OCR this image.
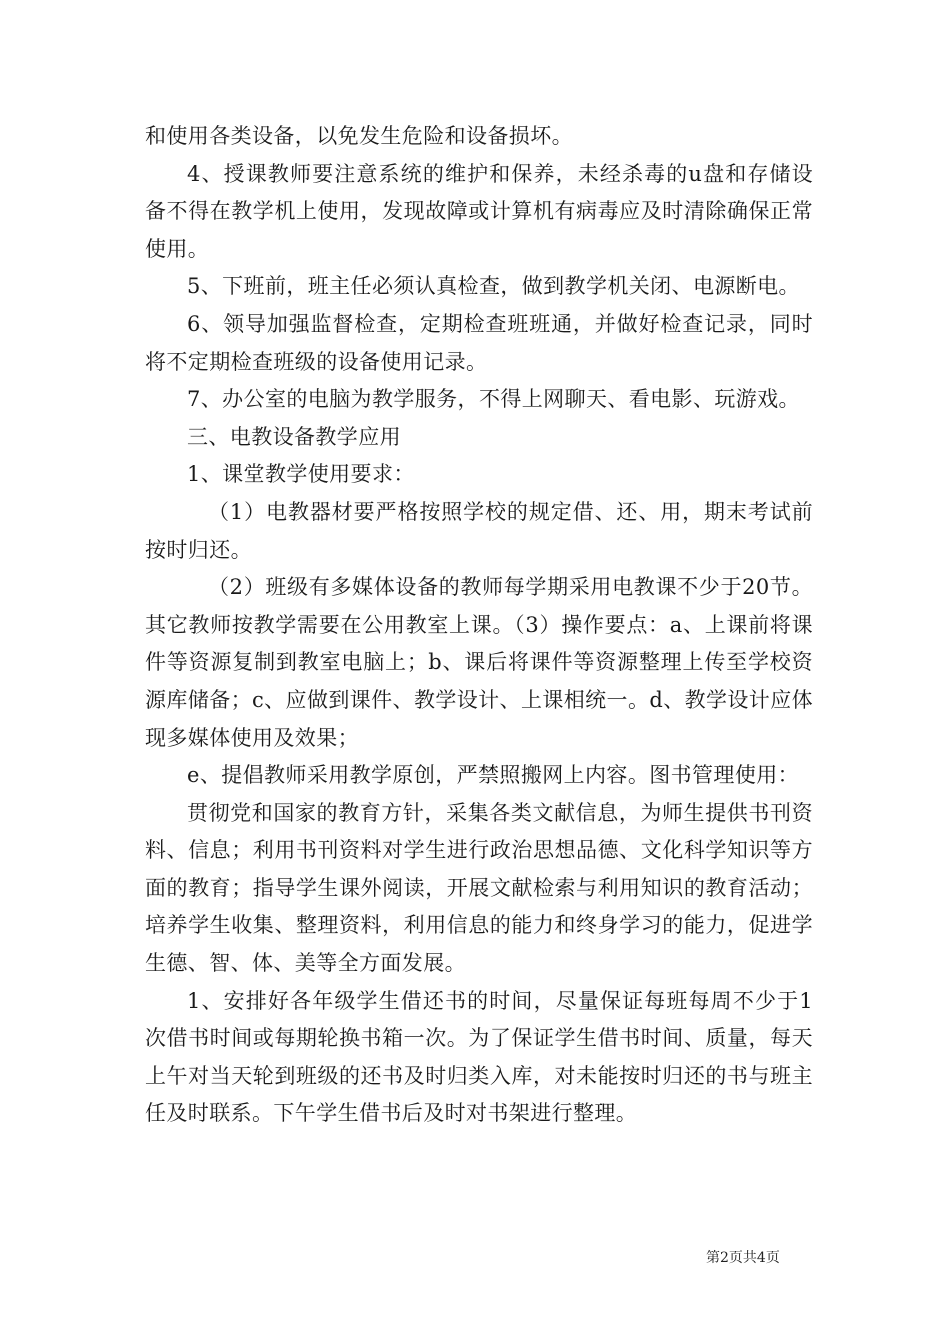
和使用各类设备，以免发生危险和设备损坏。

4、授课教师要注意系统的维护和保养，未经杀毒的u盘和存储设备不得在教学机上使用，发现故障或计算机有病毒应及时清除确保正常使用。

5、下班前，班主任必须认真检查，做到教学机关闭、电源断电。

6、领导加强监督检查，定期检查班班通，并做好检查记录，同时将不定期检查班级的设备使用记录。

7、办公室的电脑为教学服务，不得上网聊天、看电影、玩游戏。

三、电教设备教学应用

1、课堂教学使用要求：

（1）电教器材要严格按照学校的规定借、还、用，期末考试前按时归还。

（2）班级有多媒体设备的教师每学期采用电教课不少于20节。其它教师按教学需要在公用教室上课。（3）操作要点：a、上课前将课件等资源复制到教室电脑上；b、课后将课件等资源整理上传至学校资源库储备；c、应做到课件、教学设计、上课相统一。d、教学设计应体现多媒体使用及效果；

e、提倡教师采用教学原创，严禁照搬网上内容。图书管理使用：

贯彻党和国家的教育方针，采集各类文献信息，为师生提供书刊资料、信息；利用书刊资料对学生进行政治思想品德、文化科学知识等方面的教育；指导学生课外阅读，开展文献检索与利用知识的教育活动；培养学生收集、整理资料，利用信息的能力和终身学习的能力，促进学生德、智、体、美等全方面发展。

1、安排好各年级学生借还书的时间，尽量保证每班每周不少于1次借书时间或每期轮换书箱一次。为了保证学生借书时间、质量，每天上午对当天轮到班级的还书及时归类入库，对未能按时归还的书与班主任及时联系。下午学生借书后及时对书架进行整理。

第2页共4页
